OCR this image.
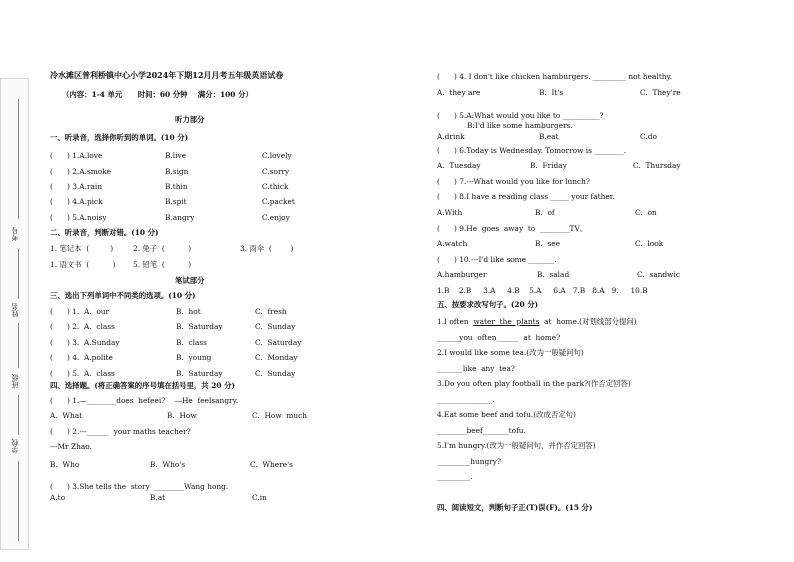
考号
姓名
班级
学校
冷水滩区普利桥镇中心小学2024年下期12月月考五年级英语试卷
（内容：1-4 单元      时间：60 分钟    满分：100 分）
听力部分
一、听录音，选择你听到的单词。(10 分)
(      ) 1.A.love	B.live	C.lovely
(      ) 2.A.smoke	B.sign	C.sorry
(      ) 3.A.rain	B.thin	C.thick
(      ) 4.A.pick	B.spit	C.packet
(      ) 5.A.noisy	B.angry	C.enjoy
二、听录音，判断对错。(10 分)
1. 笔记本  (         )	2. 兔子  (          )	3. 雨伞  (        )
1. 语文书  (          ) 5. 铅笔  (          )
笔试部分
三、选出下列单词中不同类的选项。(10 分)
(      ) 1.  A.  our	B.  hot	C.  fresh
(      ) 2.  A.  class	B.  Saturday	C.  Sunday
(      ) 3.  A.Sunday	B.  class	C.  Saturday
(      ) 4.  A.polite	B.  young	C.  Monday
(      ) 5.  A.  class	B.  Saturday	C.  Sunday
四、选择题。(将正确答案的序号填在括号里，共 20 分)
(      ) 1.—________does  hefeei?    —He  feelsangry.
A.  What	B.  How	C.  How  much
(      ) 2.---______  your maths teacher?
---Mr Zhao.
B.  Who	B.  Who's	C.  Where's
(      ) 3.She tells the  story  ________Wang hong.
A.to	B.at	C.in
(      ) 4. I don't like chicken hamburgers. _________ not healthy.
A.  they are	B.  It's	C.  They're
(      ) 5.A:What would you like to __________?
B:I'd like some hamburgers.
A.drink	B.eat	C.do
(      ) 6.Today is Wednesday. Tomorrow is ________.
A.  Tuesday	B.  Friday	C.  Thursday
(      ) 7.---What would you like for lunch?
(      ) 8.I have a reading class _____ your father.
A.With	B.  of	C.  on
(      ) 9.He  goes  away  to  ________TV。
A.watch	B.  see	C.  look
(      ) 10.---I'd like some _______.
A.hamburger	B.  salad	C.  sandwic
1.B    2.B     3.A     4.B    5.A     6.A   7.B   8.A   9.     10.B
五、按要求改写句子。(20 分)
1.I often  water  the  plants  at  home.(对划线部分提问)
______you  often______  at  home?
2.I would like some tea.(改为一般疑问句)
_______like  any  tea?
3.Do you often play football in the park?(作否定回答)
_______________.
4.Eat some beef and tofu.(改成否定句)
________beef_______tofu.
5.I'm hungry.(改为一般疑问句，并作否定回答)
_________hungry?
_________.
四、阅读短文，判断句子正(T)误(F)。(15 分)
